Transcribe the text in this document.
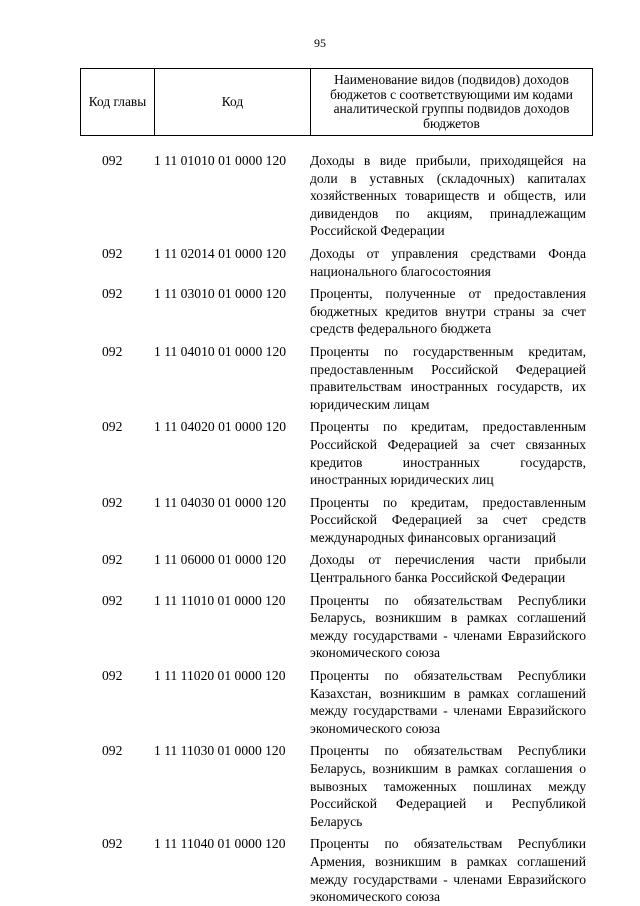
95
Код главы	Код	Наименование видов (подвидов) доходов бюджетов с соответствующими им кодами аналитической группы подвидов доходов бюджетов
092	1 11 01010 01 0000 120	Доходы в виде прибыли, приходящейся на доли в уставных (складочных) капиталах хозяйственных товариществ и обществ, или дивидендов по акциям, принадлежащим Российской Федерации
092	1 11 02014 01 0000 120	Доходы от управления средствами Фонда национального благосостояния
092	1 11 03010 01 0000 120	Проценты, полученные от предоставления бюджетных кредитов внутри страны за счет средств федерального бюджета
092	1 11 04010 01 0000 120	Проценты по государственным кредитам, предоставленным Российской Федерацией правительствам иностранных государств, их юридическим лицам
092	1 11 04020 01 0000 120	Проценты по кредитам, предоставленным Российской Федерацией за счет связанных кредитов иностранных государств, иностранных юридических лиц
092	1 11 04030 01 0000 120	Проценты по кредитам, предоставленным Российской Федерацией за счет средств международных финансовых организаций
092	1 11 06000 01 0000 120	Доходы от перечисления части прибыли Центрального банка Российской Федерации
092	1 11 11010 01 0000 120	Проценты по обязательствам Республики Беларусь, возникшим в рамках соглашений между государствами - членами Евразийского экономического союза
092	1 11 11020 01 0000 120	Проценты по обязательствам Республики Казахстан, возникшим в рамках соглашений между государствами - членами Евразийского экономического союза
092	1 11 11030 01 0000 120	Проценты по обязательствам Республики Беларусь, возникшим в рамках соглашения о вывозных таможенных пошлинах между Российской Федерацией и Республикой Беларусь
092	1 11 11040 01 0000 120	Проценты по обязательствам Республики Армения, возникшим в рамках соглашений между государствами - членами Евразийского экономического союза
